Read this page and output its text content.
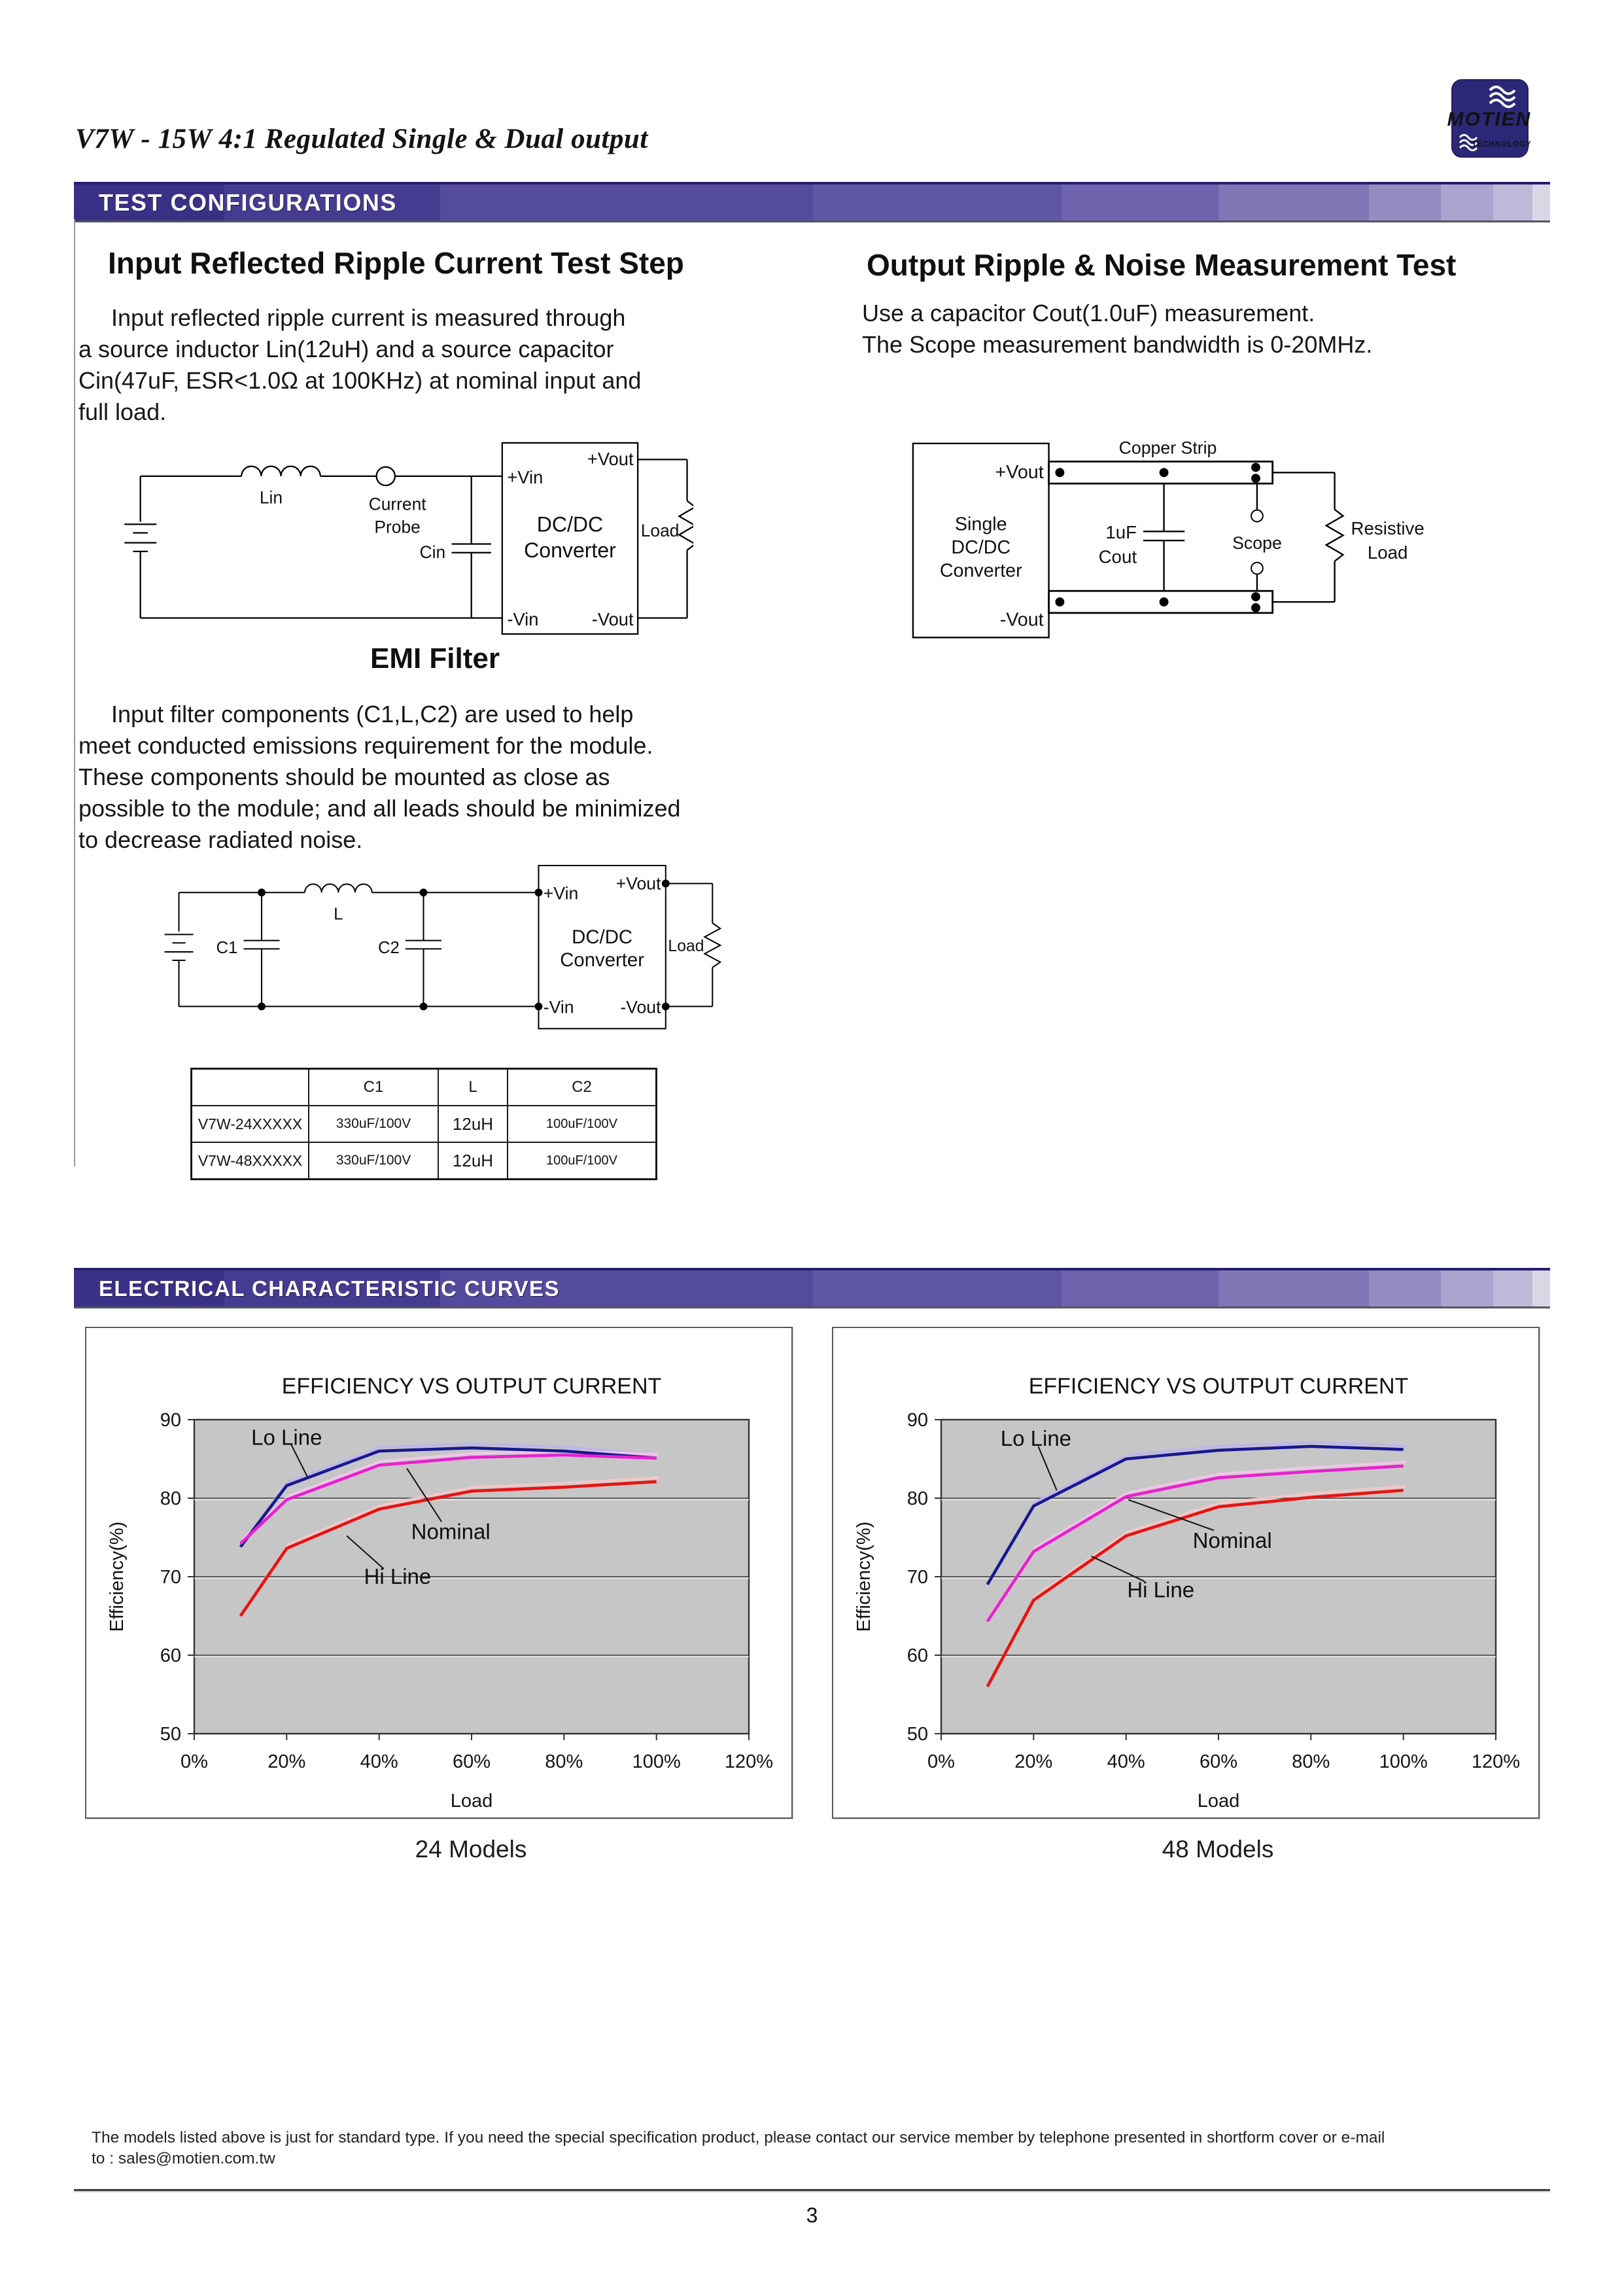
V7W - 15W 4:1 Regulated Single & Dual output
MOTIEN
TECHNOLOGY
TEST CONFIGURATIONS
Input Reflected Ripple Current Test Step
Input reflected ripple current is measured through
a source inductor Lin(12uH) and a source capacitor
Cin(47uF, ESR<1.0Ω at 100KHz) at nominal input and
full load.
Lin	Current
Probe
Cin
+Vin
-Vin
+Vout
-Vout
DC/DC
Converter
Load
Output Ripple & Noise Measurement Test
Use a capacitor Cout(1.0uF) measurement.
The Scope measurement bandwidth is 0-20MHz.
Copper Strip
Single
DC/DC
Converter
+Vout
-Vout
1uF
Cout
Scope
Resistive
Load
EMI Filter
Input filter components (C1,L,C2) are used to help
meet conducted emissions requirement for the module.
These components should be mounted as close as
possible to the module; and all leads should be minimized
to decrease radiated noise.
L
C1	C2
+Vin
-Vin
+Vout
-Vout
DC/DC
Converter
Load
	C1	L	C2
V7W-24XXXXX	330uF/100V	12uH	100uF/100V
V7W-48XXXXX	330uF/100V	12uH	100uF/100V
ELECTRICAL CHARACTERISTIC CURVES
EFFICIENCY VS OUTPUT CURRENT
0%	20%	40%	60%	80%	100% 120%
90
80
70
60
50
Efficiency(%)
Load
Lo Line
Nominal
Hi Line
EFFICIENCY VS OUTPUT CURRENT
0%	20%	40%	60%	80%	100% 120%
90
80
70
60
50
Efficiency(%)
Load
Lo Line
Nominal
Hi Line
24 Models	48 Models
The models listed above is just for standard type. If you need the special specification product, please contact our service member by telephone presented in shortform cover or e-mail
to : sales@motien.com.tw
3
